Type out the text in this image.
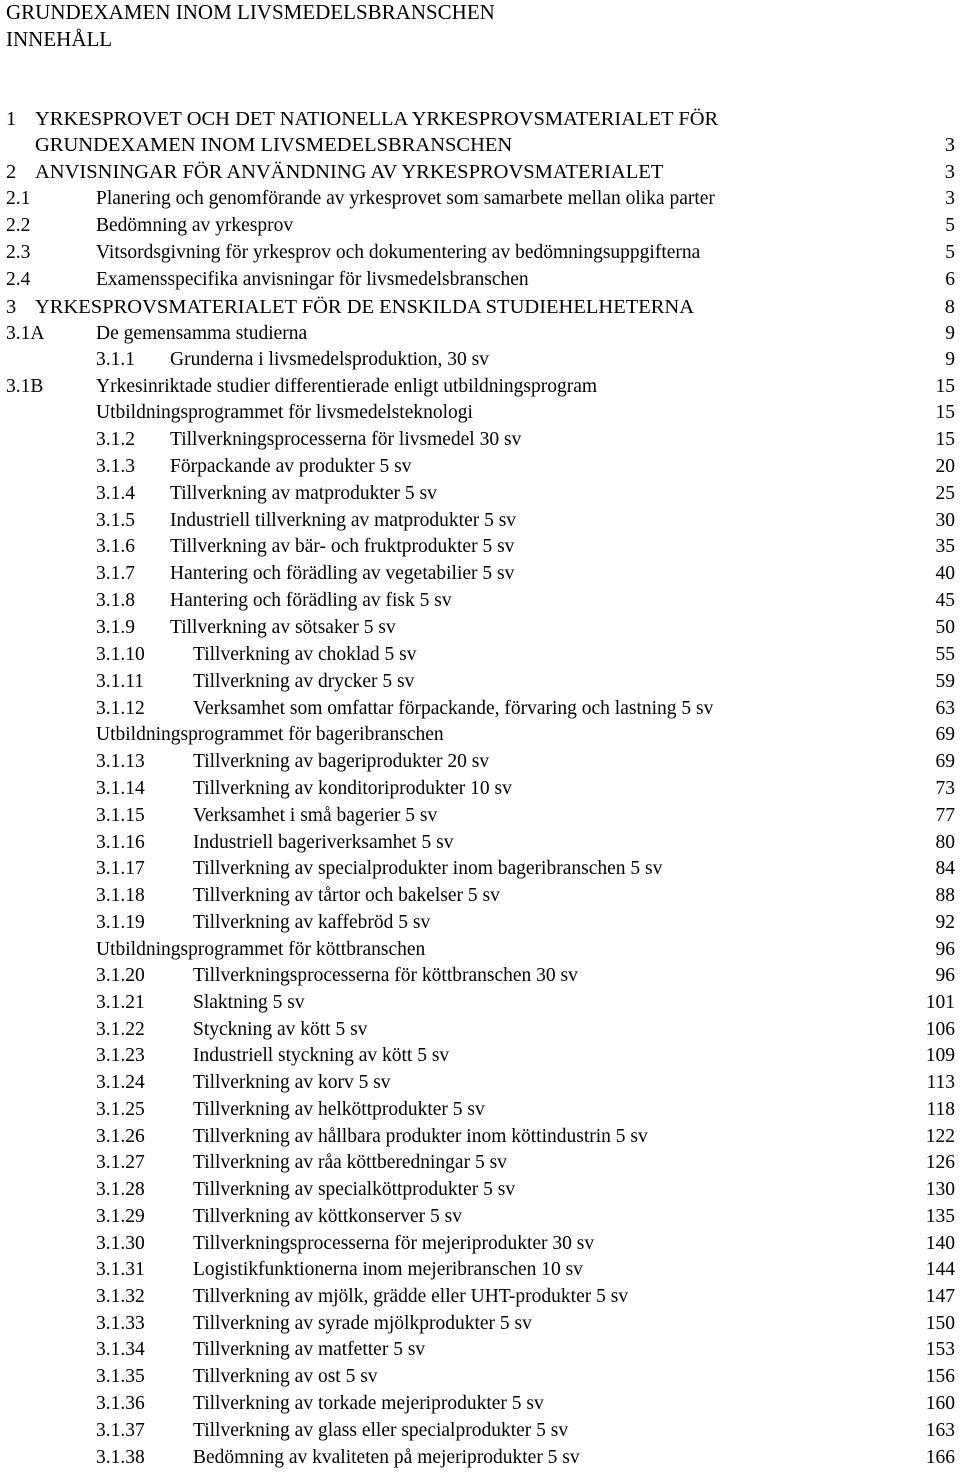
GRUNDEXAMEN INOM LIVSMEDELSBRANSCHEN
INNEHÅLL
1 YRKESPROVET OCH DET NATIONELLA YRKESPROVSMATERIALET FÖR
GRUNDEXAMEN INOM LIVSMEDELSBRANSCHEN	3
2 ANVISNINGAR FÖR ANVÄNDNING AV YRKESPROVSMATERIALET	3
2.1	Planering och genomförande av yrkesprovet som samarbete mellan olika parter	3
2.2	Bedömning av yrkesprov	5
2.3	Vitsordsgivning för yrkesprov och dokumentering av bedömningsuppgifterna	5
2.4	Examensspecifika anvisningar för livsmedelsbranschen	6
3 YRKESPROVSMATERIALET FÖR DE ENSKILDA STUDIEHELHETERNA	8
3.1A	De gemensamma studierna	9
3.1.1 Grunderna i livsmedelsproduktion, 30 sv	9
3.1B	Yrkesinriktade studier differentierade enligt utbildningsprogram	15
Utbildningsprogrammet för livsmedelsteknologi	15
3.1.2 Tillverkningsprocesserna för livsmedel 30 sv	15
3.1.3 Förpackande av produkter 5 sv	20
3.1.4 Tillverkning av matprodukter 5 sv	25
3.1.5 Industriell tillverkning av matprodukter 5 sv	30
3.1.6 Tillverkning av bär- och fruktprodukter 5 sv	35
3.1.7 Hantering och förädling av vegetabilier 5 sv	40
3.1.8 Hantering och förädling av fisk 5 sv	45
3.1.9 Tillverkning av sötsaker 5 sv	50
3.1.10 Tillverkning av choklad 5 sv	55
3.1.11	Tillverkning av drycker 5 sv	59
3.1.12 Verksamhet som omfattar förpackande, förvaring och lastning 5 sv	63
Utbildningsprogrammet för bageribranschen	69
3.1.13 Tillverkning av bageriprodukter 20 sv	69
3.1.14 Tillverkning av konditoriprodukter 10 sv	73
3.1.15 Verksamhet i små bagerier 5 sv	77
3.1.16 Industriell bageriverksamhet 5 sv	80
3.1.17 Tillverkning av specialprodukter inom bageribranschen 5 sv	84
3.1.18 Tillverkning av tårtor och bakelser 5 sv	88
3.1.19 Tillverkning av kaffebröd 5 sv	92
Utbildningsprogrammet för köttbranschen	96
3.1.20 Tillverkningsprocesserna för köttbranschen 30 sv	96
3.1.21 Slaktning 5 sv	101
3.1.22 Styckning av kött 5 sv	106
3.1.23 Industriell styckning av kött 5 sv	109
3.1.24 Tillverkning av korv 5 sv	113
3.1.25 Tillverkning av helköttprodukter 5 sv	118
3.1.26 Tillverkning av hållbara produkter inom köttindustrin 5 sv	122
3.1.27 Tillverkning av råa köttberedningar 5 sv	126
3.1.28 Tillverkning av specialköttprodukter 5 sv	130
3.1.29 Tillverkning av köttkonserver 5 sv	135
3.1.30 Tillverkningsprocesserna för mejeriprodukter 30 sv	140
3.1.31 Logistikfunktionerna inom mejeribranschen 10 sv	144
3.1.32 Tillverkning av mjölk, grädde eller UHT-produkter 5 sv	147
3.1.33 Tillverkning av syrade mjölkprodukter 5 sv	150
3.1.34 Tillverkning av matfetter 5 sv	153
3.1.35 Tillverkning av ost 5 sv	156
3.1.36 Tillverkning av torkade mejeriprodukter 5 sv	160
3.1.37 Tillverkning av glass eller specialprodukter 5 sv	163
3.1.38 Bedömning av kvaliteten på mejeriprodukter 5 sv	166
